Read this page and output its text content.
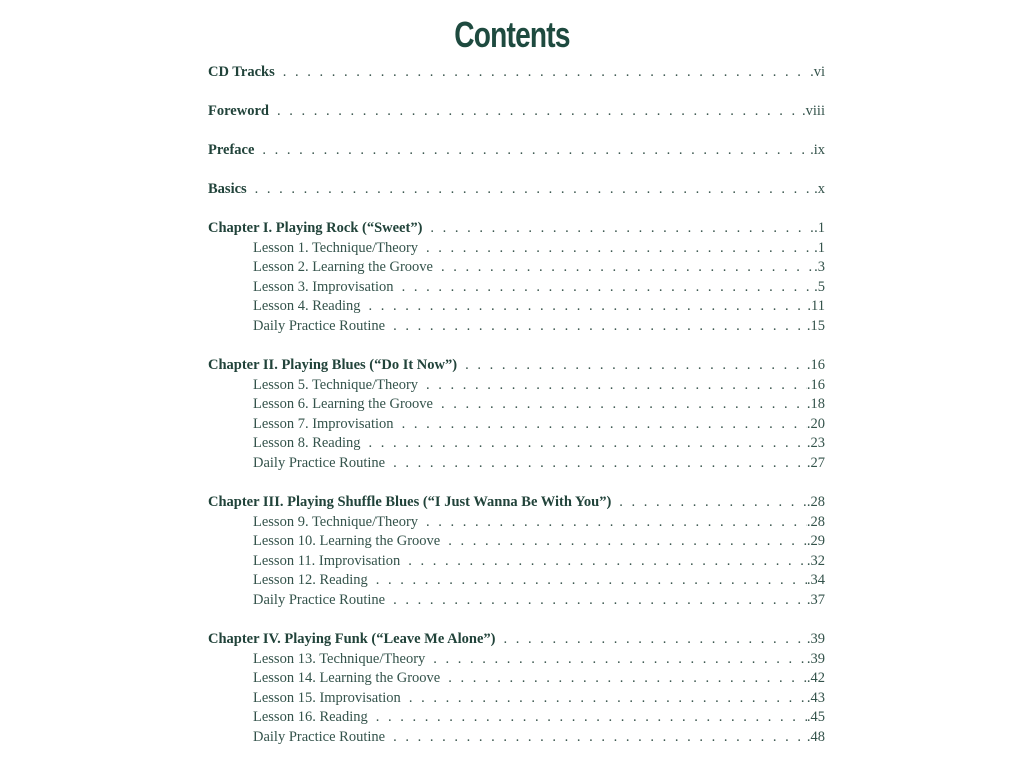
Contents
CD Tracks . . .	.vi
Foreword . . .	.viii
Preface . . .	.ix
Basics . . .	.x
Chapter I. Playing Rock (“Sweet”) . . .	.1
Lesson 1. Technique/Theory . . .	.1
Lesson 2. Learning the Groove . . .	.3
Lesson 3. Improvisation . . .	.5
Lesson 4. Reading . . .	.11
Daily Practice Routine . . .	.15
Chapter II. Playing Blues (“Do It Now”) . . .	.16
Lesson 5. Technique/Theory . . .	.16
Lesson 6. Learning the Groove . . .	.18
Lesson 7. Improvisation . . .	.20
Lesson 8. Reading . . .	.23
Daily Practice Routine . . .	.27
Chapter III. Playing Shuffle Blues (“I Just Wanna Be With You”) . . .	.28
Lesson 9. Technique/Theory . . .	.28
Lesson 10. Learning the Groove . . .	.29
Lesson 11. Improvisation . . .	.32
Lesson 12. Reading . . .	.34
Daily Practice Routine . . .	.37
Chapter IV. Playing Funk (“Leave Me Alone”) . . .	.39
Lesson 13. Technique/Theory . . .	.39
Lesson 14. Learning the Groove . . .	.42
Lesson 15. Improvisation . . .	.43
Lesson 16. Reading . . .	.45
Daily Practice Routine . . .	.48
